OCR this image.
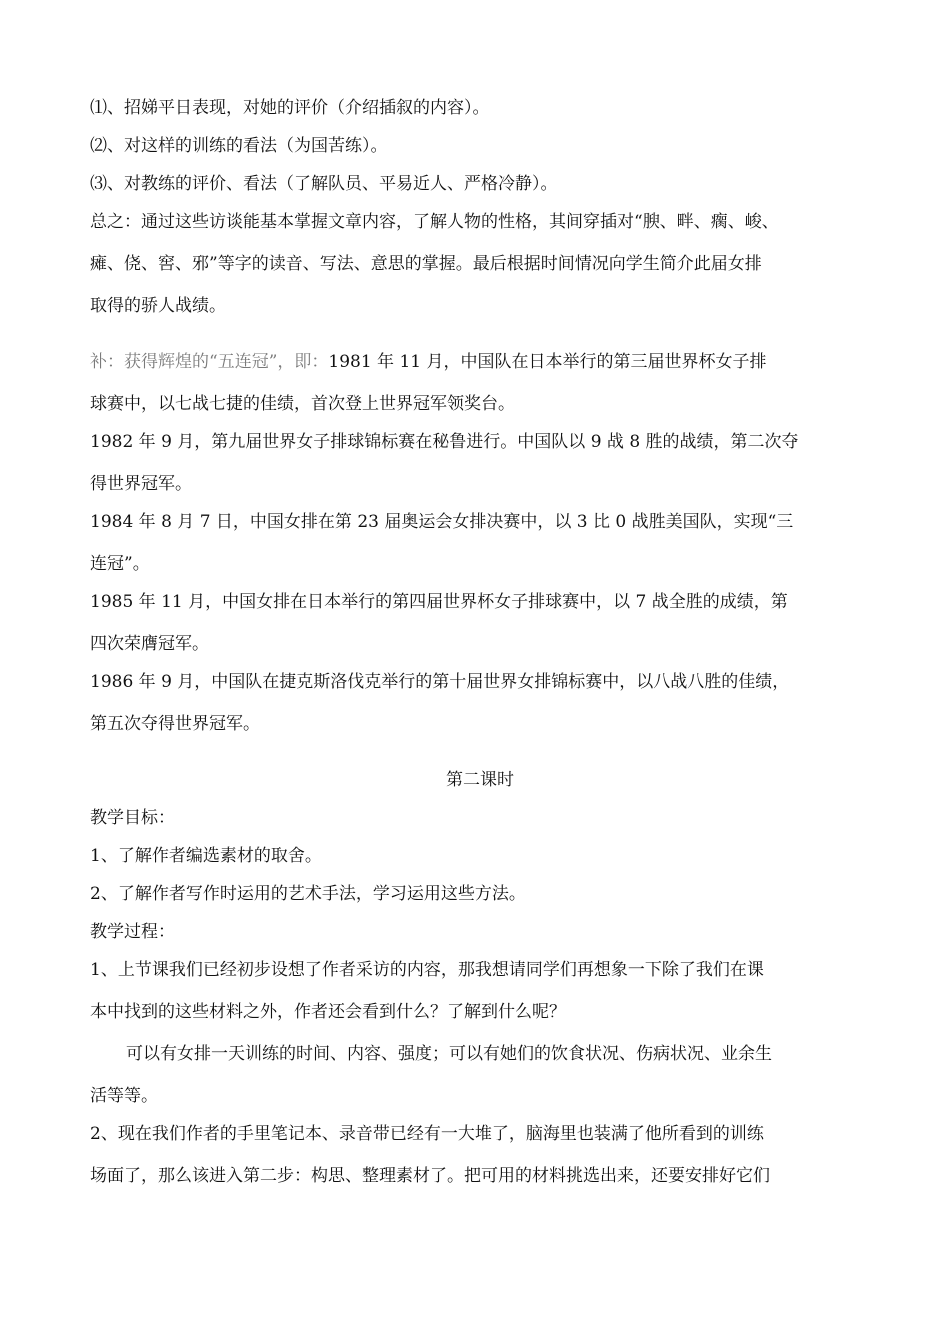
⑴、招娣平日表现，对她的评价（介绍插叙的内容）。

⑵、对这样的训练的看法（为国苦练）。

⑶、对教练的评价、看法（了解队员、平易近人、严格冷静）。

总之：通过这些访谈能基本掌握文章内容，了解人物的性格，其间穿插对“腴、畔、瘸、峻、

瘫、侥、窖、邪”等字的读音、写法、意思的掌握。最后根据时间情况向学生简介此届女排

取得的骄人战绩。

补：获得辉煌的“五连冠”，即：1981 年 11 月，中国队在日本举行的第三届世界杯女子排

球赛中，以七战七捷的佳绩，首次登上世界冠军领奖台。

1982 年 9 月，第九届世界女子排球锦标赛在秘鲁进行。中国队以 9 战 8 胜的战绩，第二次夺

得世界冠军。

1984 年 8 月 7 日，中国女排在第 23 届奥运会女排决赛中，以 3 比 0 战胜美国队，实现“三

连冠”。

1985 年 11 月，中国女排在日本举行的第四届世界杯女子排球赛中，以 7 战全胜的成绩，第

四次荣膺冠军。

1986 年 9 月，中国队在捷克斯洛伐克举行的第十届世界女排锦标赛中，以八战八胜的佳绩，

第五次夺得世界冠军。

第二课时

教学目标：

1、了解作者编选素材的取舍。

2、了解作者写作时运用的艺术手法，学习运用这些方法。

教学过程：

1、上节课我们已经初步设想了作者采访的内容，那我想请同学们再想象一下除了我们在课

本中找到的这些材料之外，作者还会看到什么？了解到什么呢？

可以有女排一天训练的时间、内容、强度；可以有她们的饮食状况、伤病状况、业余生

活等等。

2、现在我们作者的手里笔记本、录音带已经有一大堆了，脑海里也装满了他所看到的训练

场面了，那么该进入第二步：构思、整理素材了。把可用的材料挑选出来，还要安排好它们
